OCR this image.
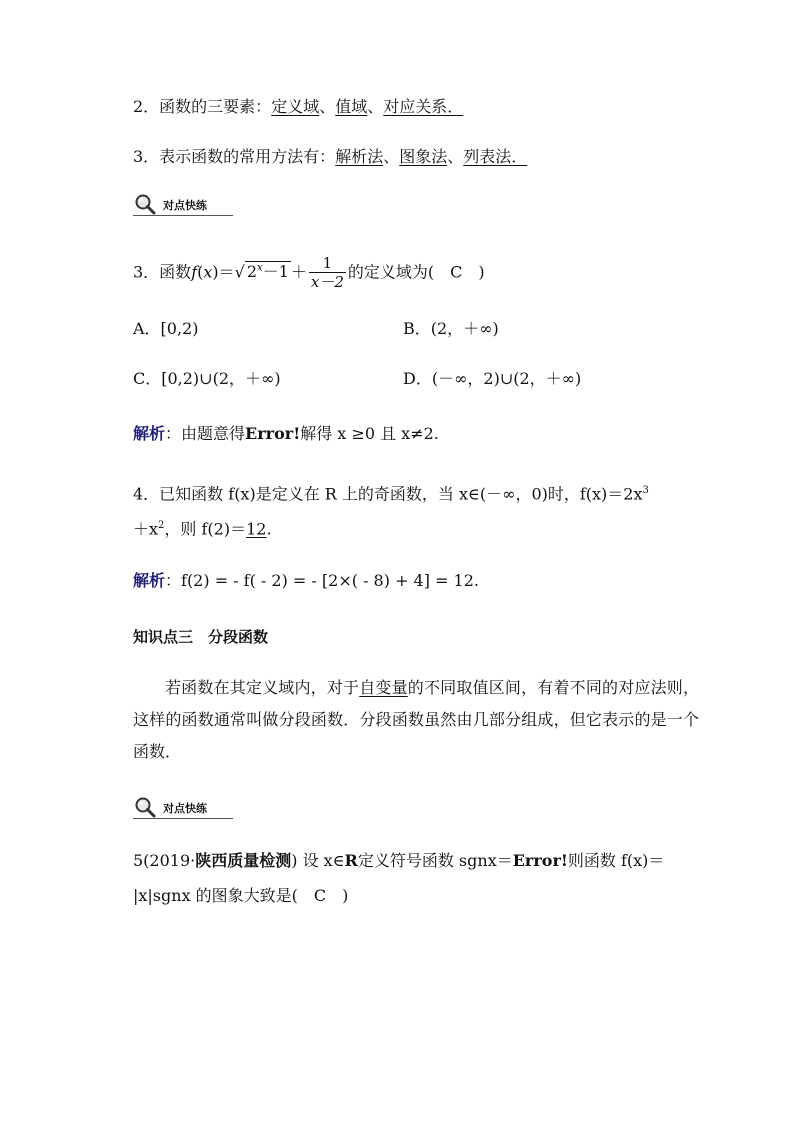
2．函数的三要素：定义域、值域、对应关系．
3．表示函数的常用方法有：解析法、图象法、列表法．
对点快练
3．函数f(x)＝√ $2^x-1 + \frac{1}{x-2}$ 的定义域为(　C　)
A．[0,2)	B．(2，＋∞)
C．[0,2)∪(2，＋∞)	D．(－∞，2)∪(2，＋∞)
解析：由题意得Error!解得 x ≥0 且 x≠2.
4．已知函数 f(x)是定义在 R 上的奇函数，当 x∈(－∞，0)时，$f(x)=2x^3$
$+x^2$，则 f(2)＝12.
解析：f(2) = - f( - 2) = - [2×( - 8) + 4] = 12.
知识点三　分段函数
若函数在其定义域内，对于自变量的不同取值区间，有着不同的对应法则，这样的函数通常叫做分段函数．分段函数虽然由几部分组成，但它表示的是一个函数．
对点快练
5(2019·陕西质量检测) 设 x∈R定义符号函数 sgnx＝Error!则函数 f(x)＝
|x|sgnx 的图象大致是(　C　)
